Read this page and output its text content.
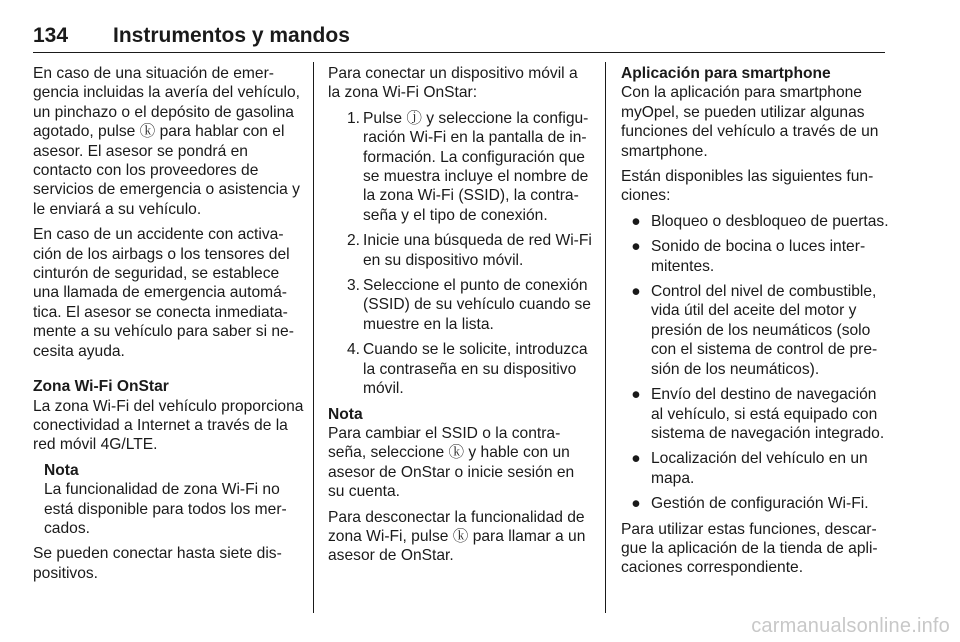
134	Instrumentos y mandos

En caso de una situación de emergencia incluidas la avería del vehículo, un pinchazo o el depósito de gasolina agotado, pulse ⓚ para hablar con el asesor. El asesor se pondrá en contacto con los proveedores de servicios de emergencia o asistencia y le enviará a su vehículo.

En caso de un accidente con activación de los airbags o los tensores del cinturón de seguridad, se establece una llamada de emergencia automática. El asesor se conecta inmediatamente a su vehículo para saber si necesita ayuda.

Zona Wi-Fi OnStar

La zona Wi-Fi del vehículo proporciona conectividad a Internet a través de la red móvil 4G/LTE.

Nota
La funcionalidad de zona Wi-Fi no está disponible para todos los mercados.

Se pueden conectar hasta siete dispositivos.

Para conectar un dispositivo móvil a la zona Wi-Fi OnStar:

1. Pulse ⓙ y seleccione la configuración Wi-Fi en la pantalla de información. La configuración que se muestra incluye el nombre de la zona Wi-Fi (SSID), la contraseña y el tipo de conexión.
2. Inicie una búsqueda de red Wi-Fi en su dispositivo móvil.
3. Seleccione el punto de conexión (SSID) de su vehículo cuando se muestre en la lista.
4. Cuando se le solicite, introduzca la contraseña en su dispositivo móvil.
Nota
Para cambiar el SSID o la contraseña, seleccione ⓚ y hable con un asesor de OnStar o inicie sesión en su cuenta.

Para desconectar la funcionalidad de zona Wi-Fi, pulse ⓚ para llamar a un asesor de OnStar.

Aplicación para smartphone

Con la aplicación para smartphone myOpel, se pueden utilizar algunas funciones del vehículo a través de un smartphone.

Están disponibles las siguientes funciones:

● Bloqueo o desbloqueo de puertas.
● Sonido de bocina o luces intermitentes.
● Control del nivel de combustible, vida útil del aceite del motor y presión de los neumáticos (solo con el sistema de control de presión de los neumáticos).
● Envío del destino de navegación al vehículo, si está equipado con sistema de navegación integrado.
● Localización del vehículo en un mapa.
● Gestión de configuración Wi-Fi.

Para utilizar estas funciones, descargue la aplicación de la tienda de aplicaciones correspondiente.

carmanualsonline.info
